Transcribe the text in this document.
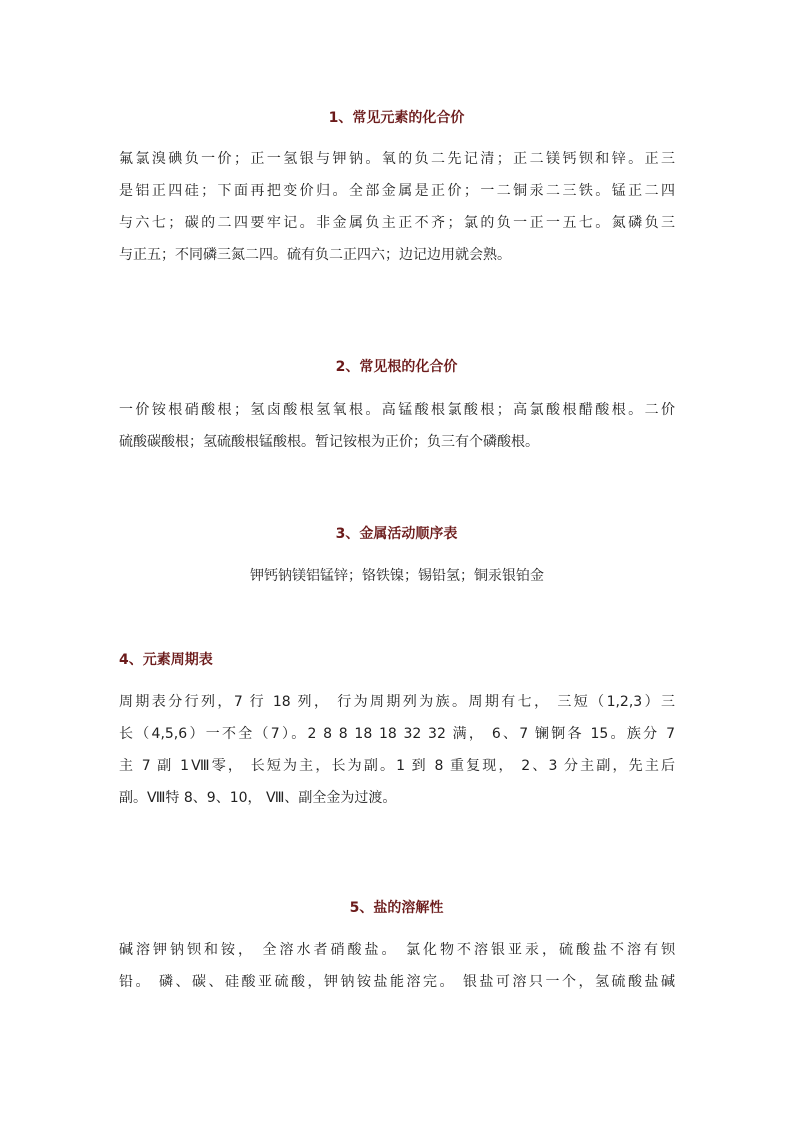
1、常见元素的化合价
氟氯溴碘负一价；正一氢银与钾钠。氧的负二先记清；正二镁钙钡和锌。正三
是铝正四硅；下面再把变价归。全部金属是正价；一二铜汞二三铁。锰正二四
与六七；碳的二四要牢记。非金属负主正不齐；氯的负一正一五七。氮磷负三
与正五；不同磷三氮二四。硫有负二正四六；边记边用就会熟。
2、常见根的化合价
一价铵根硝酸根；氢卤酸根氢氧根。高锰酸根氯酸根；高氯酸根醋酸根。二价
硫酸碳酸根；氢硫酸根锰酸根。暂记铵根为正价；负三有个磷酸根。
3、金属活动顺序表
钾钙钠镁铝锰锌；铬铁镍；锡铅氢；铜汞银铂金
4、元素周期表
周期表分行列，7 行 18 列， 行为周期列为族。周期有七， 三短（1,2,3）三
长（4,5,6）一不全（7）。2 8 8 18 18 32 32 满， 6、7 镧锕各 15。族分 7
主 7 副 1Ⅷ零， 长短为主，长为副。1 到 8 重复现， 2、3 分主副，先主后
副。Ⅷ特 8、9、10， Ⅷ、副全金为过渡。
5、盐的溶解性
碱溶钾钠钡和铵， 全溶水者硝酸盐。 氯化物不溶银亚汞，硫酸盐不溶有钡
铅。 磷、碳、硅酸亚硫酸，钾钠铵盐能溶完。 银盐可溶只一个，氢硫酸盐碱
